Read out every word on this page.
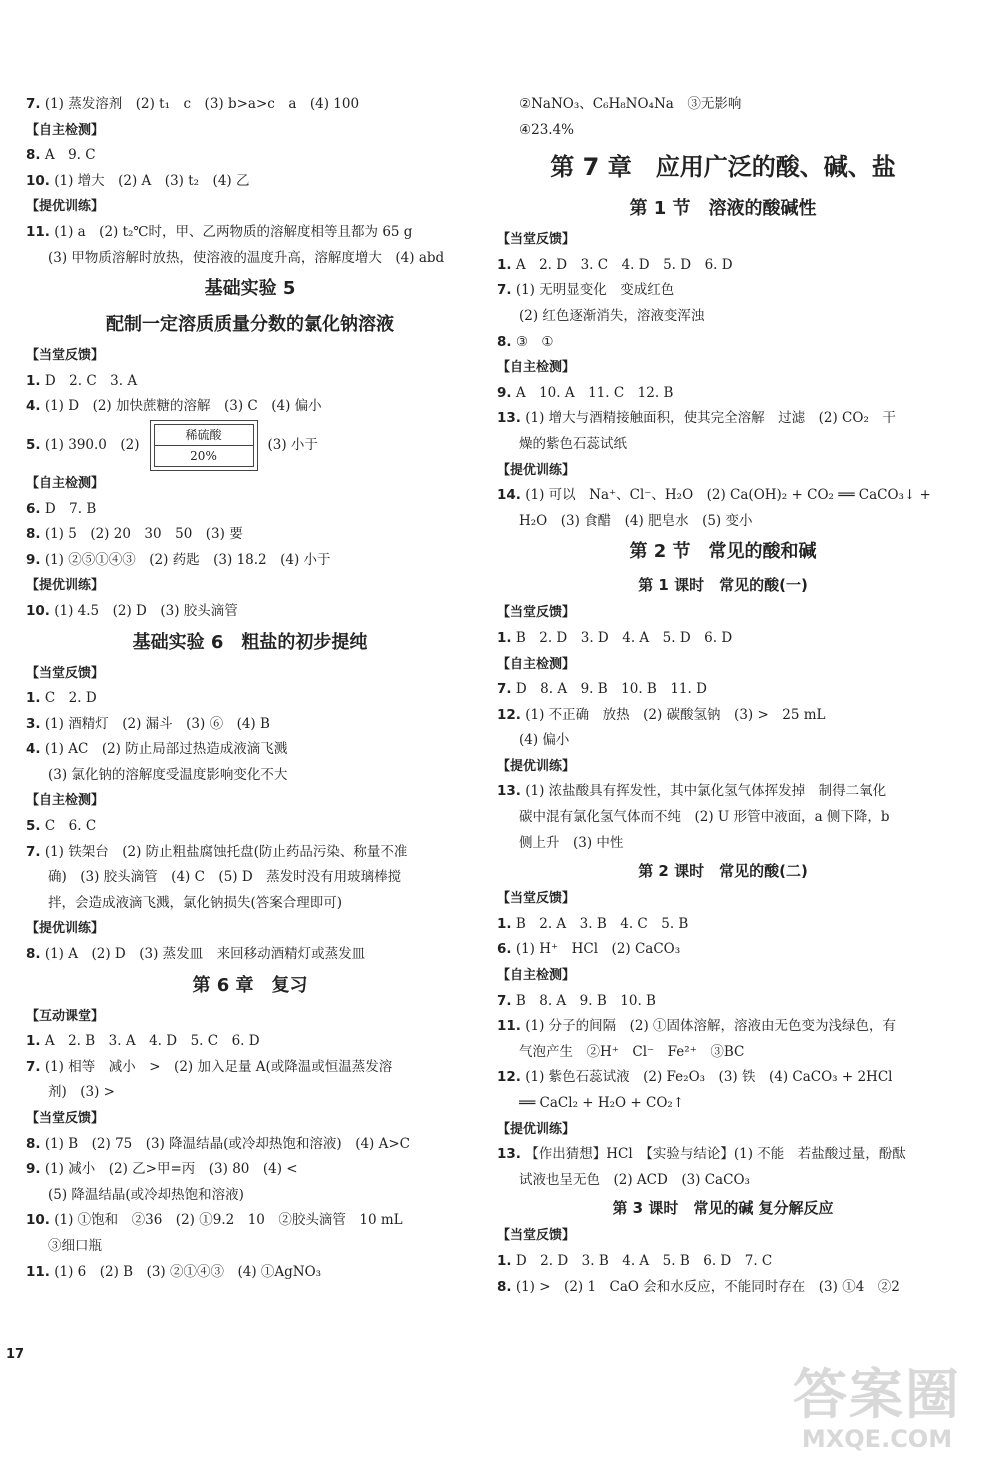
7. (1) 蒸发溶剂　(2) t₁　c　(3) b>a>c　a　(4) 100
【自主检测】
8. A　9. C
10. (1) 增大　(2) A　(3) t₂　(4) 乙
【提优训练】
11. (1) a　(2) t₂℃时，甲、乙两物质的溶解度相等且都为 65 g
(3) 甲物质溶解时放热，使溶液的温度升高，溶解度增大　(4) abd
基础实验 5
配制一定溶质质量分数的氯化钠溶液
【当堂反馈】
1. D　2. C　3. A
4. (1) D　(2) 加快蔗糖的溶解　(3) C　(4) 偏小
5. (1) 390.0　(2)
稀硫酸
20%
(3) 小于
【自主检测】
6. D　7. B
8. (1) 5　(2) 20　30　50　(3) 要
9. (1) ②⑤①④③　(2) 药匙　(3) 18.2　(4) 小于
【提优训练】
10. (1) 4.5　(2) D　(3) 胶头滴管
基础实验 6　粗盐的初步提纯
【当堂反馈】
1. C　2. D
3. (1) 酒精灯　(2) 漏斗　(3) ⑥　(4) B
4. (1) AC　(2) 防止局部过热造成液滴飞溅
(3) 氯化钠的溶解度受温度影响变化不大
【自主检测】
5. C　6. C
7. (1) 铁架台　(2) 防止粗盐腐蚀托盘(防止药品污染、称量不准
确)　(3) 胶头滴管　(4) C　(5) D　蒸发时没有用玻璃棒搅
拌，会造成液滴飞溅，氯化钠损失(答案合理即可)
【提优训练】
8. (1) A　(2) D　(3) 蒸发皿　来回移动酒精灯或蒸发皿
第 6 章　复习
【互动课堂】
1. A　2. B　3. A　4. D　5. C　6. D
7. (1) 相等　减小　>　(2) 加入足量 A(或降温或恒温蒸发溶
剂)　(3) >
【当堂反馈】
8. (1) B　(2) 75　(3) 降温结晶(或冷却热饱和溶液)　(4) A>C
9. (1) 减小　(2) 乙>甲=丙　(3) 80　(4) <
(5) 降温结晶(或冷却热饱和溶液)
10. (1) ①饱和　②36　(2) ①9.2　10　②胶头滴管　10 mL
③细口瓶
11. (1) 6　(2) B　(3) ②①④③　(4) ①AgNO₃
②NaNO₃、C₆H₈NO₄Na　③无影响
④23.4%
第 7 章　应用广泛的酸、碱、盐
第 1 节　溶液的酸碱性
【当堂反馈】
1. A　2. D　3. C　4. D　5. D　6. D
7. (1) 无明显变化　变成红色
(2) 红色逐渐消失，溶液变浑浊
8. ③　①
【自主检测】
9. A　10. A　11. C　12. B
13. (1) 增大与酒精接触面积，使其完全溶解　过滤　(2) CO₂　干
燥的紫色石蕊试纸
【提优训练】
14. (1) 可以　Na⁺、Cl⁻、H₂O　(2) Ca(OH)₂ + CO₂ ══ CaCO₃↓ +
H₂O　(3) 食醋　(4) 肥皂水　(5) 变小
第 2 节　常见的酸和碱
第 1 课时　常见的酸(一)
【当堂反馈】
1. B　2. D　3. D　4. A　5. D　6. D
【自主检测】
7. D　8. A　9. B　10. B　11. D
12. (1) 不正确　放热　(2) 碳酸氢钠　(3) >　25 mL
(4) 偏小
【提优训练】
13. (1) 浓盐酸具有挥发性，其中氯化氢气体挥发掉　制得二氧化
碳中混有氯化氢气体而不纯　(2) U 形管中液面，a 侧下降，b
侧上升　(3) 中性
第 2 课时　常见的酸(二)
【当堂反馈】
1. B　2. A　3. B　4. C　5. B
6. (1) H⁺　HCl　(2) CaCO₃
【自主检测】
7. B　8. A　9. B　10. B
11. (1) 分子的间隔　(2) ①固体溶解，溶液由无色变为浅绿色，有
气泡产生　②H⁺　Cl⁻　Fe²⁺　③BC
12. (1) 紫色石蕊试液　(2) Fe₂O₃　(3) 铁　(4) CaCO₃ + 2HCl
══ CaCl₂ + H₂O + CO₂↑
【提优训练】
13. 【作出猜想】HCl　【实验与结论】(1) 不能　若盐酸过量，酚酞
试液也呈无色　(2) ACD　(3) CaCO₃
第 3 课时　常见的碱 复分解反应
【当堂反馈】
1. D　2. D　3. B　4. A　5. B　6. D　7. C
8. (1) >　(2) 1　CaO 会和水反应，不能同时存在　(3) ①4　②2
17
答案圈
MXQE.COM
